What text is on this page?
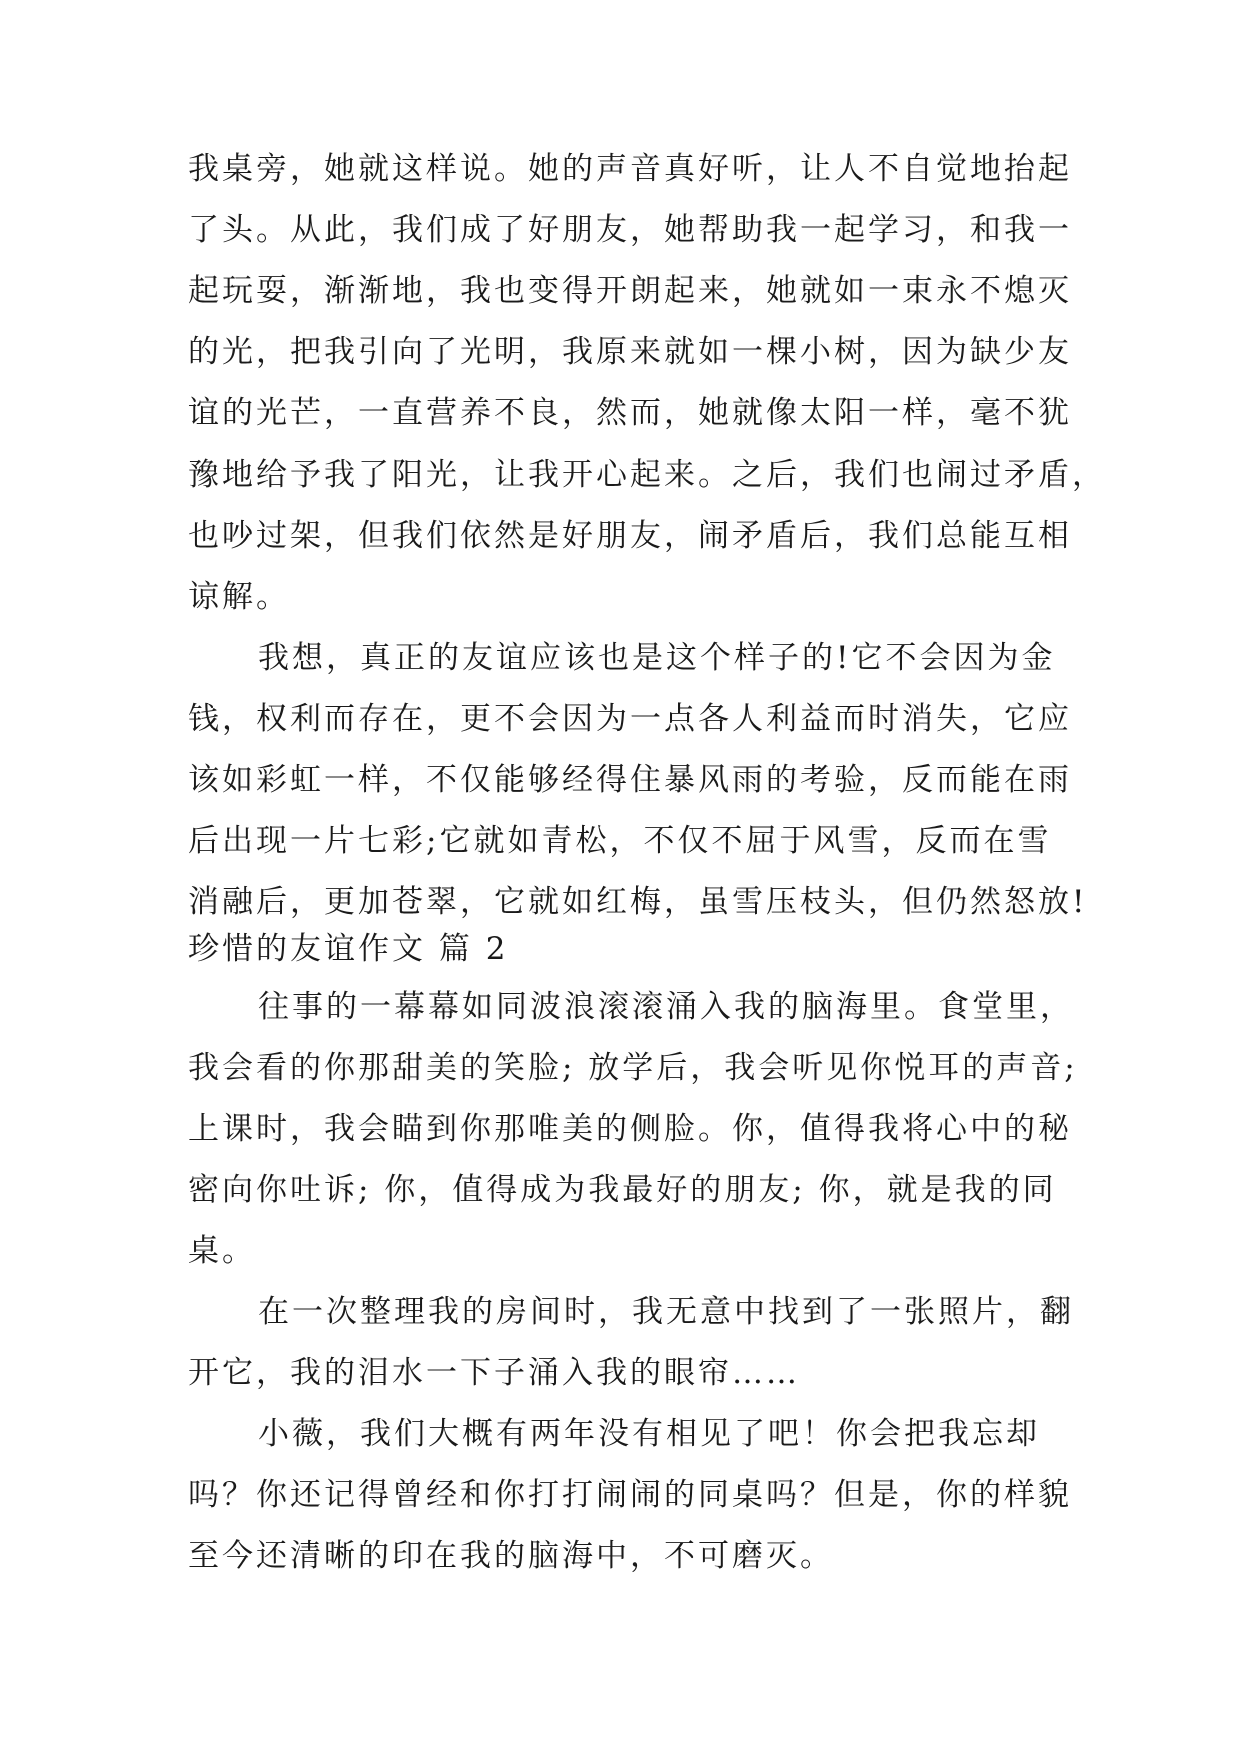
我桌旁，她就这样说。她的声音真好听，让人不自觉地抬起
了头。从此，我们成了好朋友，她帮助我一起学习，和我一
起玩耍，渐渐地，我也变得开朗起来，她就如一束永不熄灭
的光，把我引向了光明，我原来就如一棵小树，因为缺少友
谊的光芒，一直营养不良，然而，她就像太阳一样，毫不犹
豫地给予我了阳光，让我开心起来。之后，我们也闹过矛盾，
也吵过架，但我们依然是好朋友，闹矛盾后，我们总能互相
谅解。
我想，真正的友谊应该也是这个样子的!它不会因为金
钱，权利而存在，更不会因为一点各人利益而时消失，它应
该如彩虹一样，不仅能够经得住暴风雨的考验，反而能在雨
后出现一片七彩;它就如青松，不仅不屈于风雪，反而在雪
消融后，更加苍翠，它就如红梅，虽雪压枝头，但仍然怒放!
珍惜的友谊作文 篇 2
往事的一幕幕如同波浪滚滚涌入我的脑海里。食堂里，
我会看的你那甜美的笑脸; 放学后，我会听见你悦耳的声音;
上课时，我会瞄到你那唯美的侧脸。你，值得我将心中的秘
密向你吐诉; 你，值得成为我最好的朋友; 你，就是我的同
桌。
在一次整理我的房间时，我无意中找到了一张照片，翻
开它，我的泪水一下子涌入我的眼帘……
小薇，我们大概有两年没有相见了吧！你会把我忘却
吗？你还记得曾经和你打打闹闹的同桌吗？但是，你的样貌
至今还清晰的印在我的脑海中，不可磨灭。
